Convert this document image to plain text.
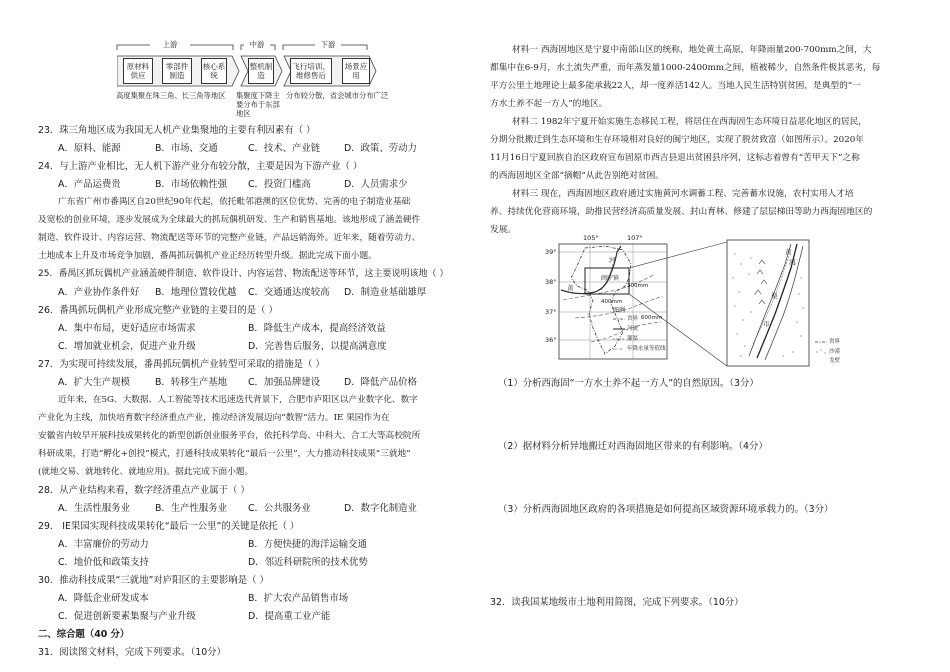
上游	中游	下游
原材料供应
零部件制造
核心系统
整机制造
飞行培训、维修售后
场景应用
高度集聚在珠三角、长三角等地区	集聚度下降主要分布于东部地区
分布较分散，省会城市分布广泛
23．珠三角地区成为我国无人机产业集聚地的主要有利因素有（ ）
A．原料、能源	B．市场、交通	C．技术、产业链	D．政策、劳动力
24．与上游产业相比，无人机下游产业分布较分散，主要是因为下游产业（ ）
A．产品运费贵	B．市场依赖性强 C．投资门槛高	D．人员需求少
广东省广州市番禺区自20世纪90年代起，依托毗邻港澳的区位优势、完善的电子制造业基础
及宽松的创业环境，逐步发展成为全球最大的抓玩偶机研发、生产和销售基地。该地形成了涵盖硬件
制造、软件设计、内容运营、物流配送等环节的完整产业链，产品远销海外。近年来，随着劳动力、
土地成本上升及市场竞争加剧，番禺抓玩偶机产业正经历转型升级。据此完成下面小题。
25．番禺区抓玩偶机产业涵盖硬件制造、软件设计、内容运营、物流配送等环节，这主要说明该地（ ）
A．产业协作条件好 B．地理位置较优越 C．交通通达度较高 D．制造业基础雄厚
26．番禺抓玩偶机产业形成完整产业链的主要目的是（ ）
A．集中布局，更好适应市场需求	B．降低生产成本，提高经济效益
C．增加就业机会，促进产业升级	D．完善售后服务，以提高满意度
27．为实现可持续发展，番禺抓玩偶机产业转型可采取的措施是（ ）
A．扩大生产规模	B．转移生产基地 C．加强品牌建设	D．降低产品价格
近年来，在5G、大数据、人工智能等技术迅速迭代背景下，合肥市庐阳区以产业数字化、数字
产业化为主线，加快培育数字经济重点产业，推动经济发展迈向“数智”活力。IE 果园作为在
安徽省内较早开展科技成果转化的新型创新创业服务平台，依托科学岛、中科大、合工大等高校院所
科研成果，打造“孵化+创投”模式，打通科技成果转化“最后一公里”，大力推动科技成果“三就地”
(就地交易、就地转化、就地应用)。据此完成下面小题。
28．从产业结构来看，数字经济重点产业属于（ ）
A．生活性服务业	B．生产性服务业 C．公共服务业	D．数字化制造业
29． IE果园实现科技成果转化“最后一公里”的关键是依托（ ）
A．丰富廉价的劳动力	B．方便快捷的海洋运输交通
C．地价低和政策支持	D．邻近科研院所的技术优势
30．推动科技成果“三就地”对庐阳区的主要影响是（ ）
A．降低企业研发成本	B．扩大农产品销售市场
C．促进创新要素集聚与产业升级	D．提高重工业产能
二、综合题（40 分）
31．阅读图文材料，完成下列要求。（10分）
材料一 西海固地区是宁夏中南部山区的统称，地处黄土高原，年降雨量200-700mm之间，大
都集中在6-9月，水土流失严重，而年蒸发量1000-2400mm之间，植被稀少，自然条件极其恶劣，每
平方公里土地理论上最多能承载22人，却一度养活142人。当地人民生活特别贫困，是典型的“一
方水土养不起一方人”的地区。
材料二 1982年宁夏开始实施生态移民工程，将居住在西海固生态环境日益恶化地区的居民，
分期分批搬迁到生态环境和生存环境相对良好的闽宁地区，实现了脱贫致富（如图所示）。2020年
11月16日宁夏回族自治区政府宣布固原市西吉县退出贫困县序列，这标志着曾有“苦甲天下”之称
的西海固地区全部“摘帽”从此告别绝对贫困。
材料三 现在，西海固地区政府通过实施黄河水调蓄工程、完善蓄水设施，农村实用人才培
养、持续优化营商环境，助推民营经济高质量发展、封山育林、修建了层层梯田等助力西海固地区的
发展。
105°	107°
39°
38°
37°
36°
闽宁镇
黄
河
300mm
400mm
600mm
图例
省界
河流
灌渠
年降水量等值线
黄
河
渠
市
省界
沙漠戈壁
（1）分析西海固“一方水土养不起一方人”的自然原因。（3分）
（2）据材料分析异地搬迁对西海固地区带来的有利影响。（4分）
（3）分析西海固地区政府的各项措施是如何提高区域资源环境承载力的。（3分）
32．读我国某地级市土地利用简图，完成下列要求。（10分）
